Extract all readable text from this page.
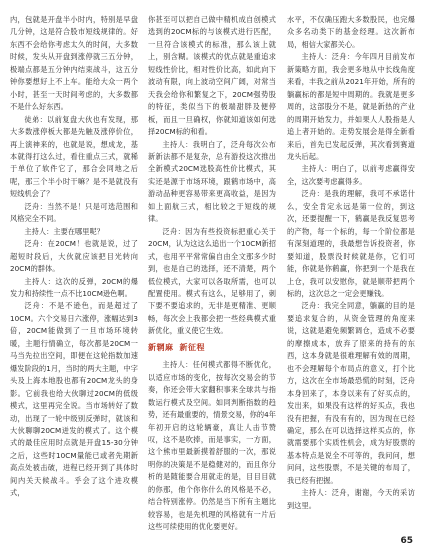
内，包就是开盘半小时内，特别是早盘几分钟，这是符合股市短线规律的。好东西不会给你考虑太久的时间，大多数时候，发头从开盘到涨停就三五分钟，极端点都是五分钟内结束战斗，这五分钟你要想好上不上车。能给大众一两个小时，甚至一天时间考虑的，大多数都不是什么好东西。

徒弟：以前复盘大伙也有发现，那大多数涨停板大都是先触及涨停价位，再上演神来的，也就是说，想成龙，基本就得打这么过，看住重点三式，就稀于单位了软件它了，那合会同地之后呢，那三个半小时干嘛？是不是就没有短线机会了？

泛舟：当然不是！只是可选范围和风格完全不同。

主持人：主要在哪里呢？

泛舟：在20CM！也就是说，过了超短时段后，大伙就应该把目光转向20CM的群体。

主持人：这次的反弹，20CM的爆发力和持续性一点不比10CM逊色啊。

泛舟：不是不逊色，而是超过了10CM。六个交易日六涨停，涨幅达到3倍，20CM能做到了一旦市场环境转暖，主题行情确立，每次都是20CM一马当先拉出空间，即便在这轮指数加速爆发阶段的1月，当时的两大主题，中字头及上海本地股也都有20CM龙头的身影。它前我也给大伙聊过20CM的低级模式，这里再完全说。当市场转好了数动，出现了一轮中级别反弹时，就该和大伙聊聊20CM迸发的模式了。这个模式的最佳应用时点就是开盘15-30分钟之后，这些时10CM量能已或者先期新高点处被击破，进程已经开到了具体时间内关天候战斗。乎会了这个进攻模式，

你甚至可以把自己做中精机成自创模式选到的20CM标的与该模式进行匹配，一旦符合该模式的标准，那么该上就上，别含糊。该模式的优点就是重追求短线性价比，相对性价比高，如此向下波动有限，向上波动空间广阔，对常当天我会给你和繁复之下，20CM强势股的特征，类似当下的极端甜胖及便停板，而且一旦确权，你就知道该如何选择20CM标的和看。

主持人：我明白了，泛舟每次公布新新法都不是复杂，总有游投这次推出全新模式20CM选股高性价比模式，其实还是源于市场环境，跟鹤市场中，高游动品种更容易带来更高收益，是因为如上面航三式，相比较之于短线的规律。

泛舟：因为有些投资标把重心关于20CM，认为这这么追出一个10CM新招式，也用平平常常偏自由全文那多少时到，也是自己的选择，还不清楚，两个低位模式，大家可以各取所需，也可以配置使用。模式有这么，足够用了，刺下要不要追求的，无非是更精准、更顺畅，每次会上我都会把一些经典模式重新优化，重义使它生效。

新辋麻 新征程

主持人：任何模式都得不断优化，以适应市场的变化，按每次交易会的节奏，你还会带大家翻积事来全球共与指数运行模式及空间。如同判断指数的趋势，还有最重要的，情景交易，你的4年年初开启的这轮辆豪，真让人击节赞叹，这不是吹捧，而是事实，一方面，这个熊市里最新摸着舒服的一次，那说明你的决策是不是稳健对的，而且你分析的是随能要合用就走的是，目目目就的你那，他个你你什么的风格是不必，结合特别涨停。仍然是当下所有主题比较容易，也是先机理的风格就有一片后这些可续使用的优化要更好。

水平，不仅确压跑大多数股民，也完爆众多名动类下的基金经理。这次新布局，相信大家都关心。

主持人：泛舟：今年四月目前发布新策略方面，我会更多地从中长线角度来看，丰我之前从2021年开始，所有的躺赢标的都是短中周期的。我就是更多周的，这部股分不是，就是新热的产业的周期开始发力，并如果人人股指是人追上者开始的。走势发展会是得全新看来后，首先已发起反弹，其次看到赛道龙头后起。

主持人：明白了，以前考虑赢得安全，这次要考虑赢得多。

泛舟：是我的理解，我可不承诺什么，安全肯定永远是第一位的，到这次，还要提醒一下，鹤赢是我反复思考的产物，每一个标的，每一个阶位都是有深刻道理的，我最想告诉投资者，你要知道，股票没时候就是你，它们可能，你就是你鹤赢，你把到一个是我在上仓，我可以安慰你，就是顺带把两个标的，这次总之一定会更赚钱。

泛舟：我完全同意，躺赢的目的是要追求复合的，从资金管理的角度来说，这就是避免频繁调仓，造成不必要的摩擦成本，放弃了原来的持有的东西，这本身就是很难理解有效的周期，也不会理解每个布局点的意义，打个比方，这次在全市场最恐慌的时刻，泛舟本身回来了，本身以来有了好买点的，发出来，如果没有这样的好买点，我也没有把握，有没有有的，因为现在已经确定，那么在可以选择这样买点的，你就需要那个实质性机会，成为好股票的基本特点是说全不可等的，我问问，想问问，这些股票，不是关键的布局了，我已经有把握。

主持人：泛舟，谢谢，今天的采访到这里。

65
